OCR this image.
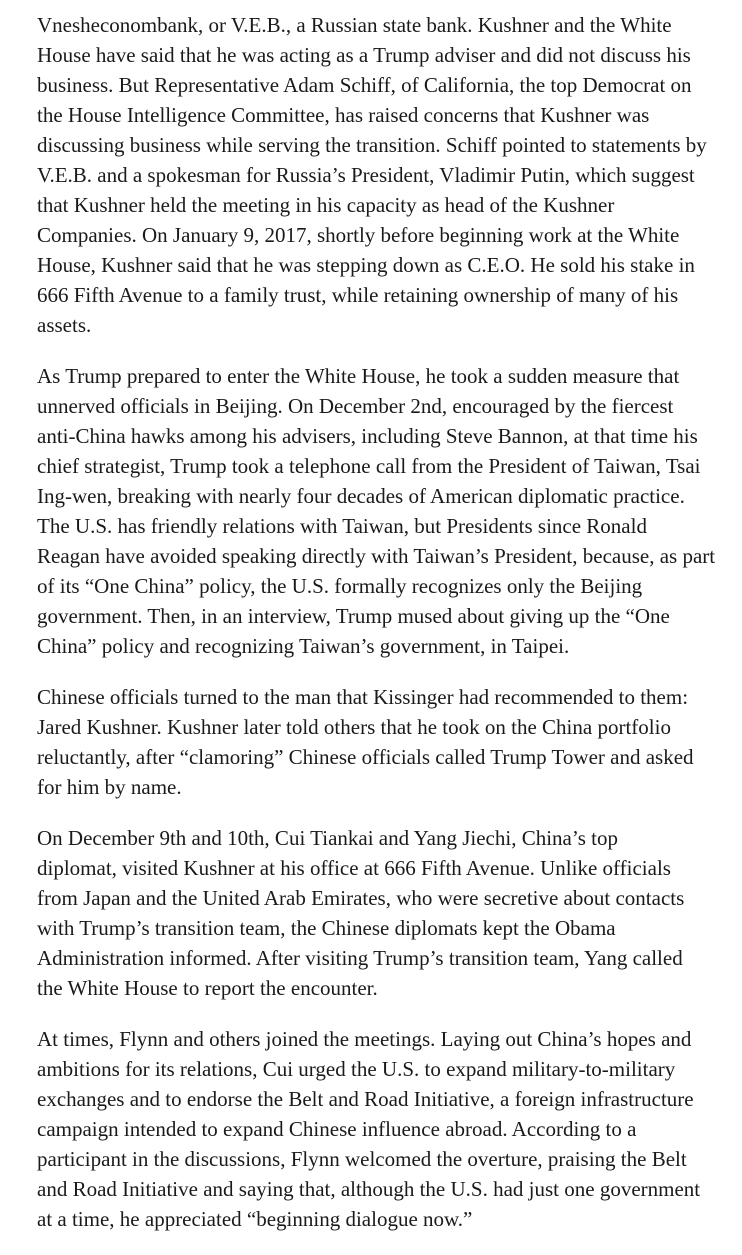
Vnesheconombank, or V.E.B., a Russian state bank. Kushner and the White
House have said that he was acting as a Trump adviser and did not discuss his
business. But Representative Adam Schiff, of California, the top Democrat on
the House Intelligence Committee, has raised concerns that Kushner was
discussing business while serving the transition. Schiff pointed to statements by
V.E.B. and a spokesman for Russia’s President, Vladimir Putin, which suggest
that Kushner held the meeting in his capacity as head of the Kushner
Companies. On January 9, 2017, shortly before beginning work at the White
House, Kushner said that he was stepping down as C.E.O. He sold his stake in
666 Fifth Avenue to a family trust, while retaining ownership of many of his
assets.

As Trump prepared to enter the White House, he took a sudden measure that
unnerved officials in Beijing. On December 2nd, encouraged by the fiercest
anti-China hawks among his advisers, including Steve Bannon, at that time his
chief strategist, Trump took a telephone call from the President of Taiwan, Tsai
Ing-wen, breaking with nearly four decades of American diplomatic practice.
The U.S. has friendly relations with Taiwan, but Presidents since Ronald
Reagan have avoided speaking directly with Taiwan’s President, because, as part
of its “One China” policy, the U.S. formally recognizes only the Beijing
government. Then, in an interview, Trump mused about giving up the “One
China” policy and recognizing Taiwan’s government, in Taipei.

Chinese officials turned to the man that Kissinger had recommended to them:
Jared Kushner. Kushner later told others that he took on the China portfolio
reluctantly, after “clamoring” Chinese officials called Trump Tower and asked
for him by name.

On December 9th and 10th, Cui Tiankai and Yang Jiechi, China’s top
diplomat, visited Kushner at his office at 666 Fifth Avenue. Unlike officials
from Japan and the United Arab Emirates, who were secretive about contacts
with Trump’s transition team, the Chinese diplomats kept the Obama
Administration informed. After visiting Trump’s transition team, Yang called
the White House to report the encounter.

At times, Flynn and others joined the meetings. Laying out China’s hopes and
ambitions for its relations, Cui urged the U.S. to expand military-to-military
exchanges and to endorse the Belt and Road Initiative, a foreign infrastructure
campaign intended to expand Chinese influence abroad. According to a
participant in the discussions, Flynn welcomed the overture, praising the Belt
and Road Initiative and saying that, although the U.S. had just one government
at a time, he appreciated “beginning dialogue now.”
